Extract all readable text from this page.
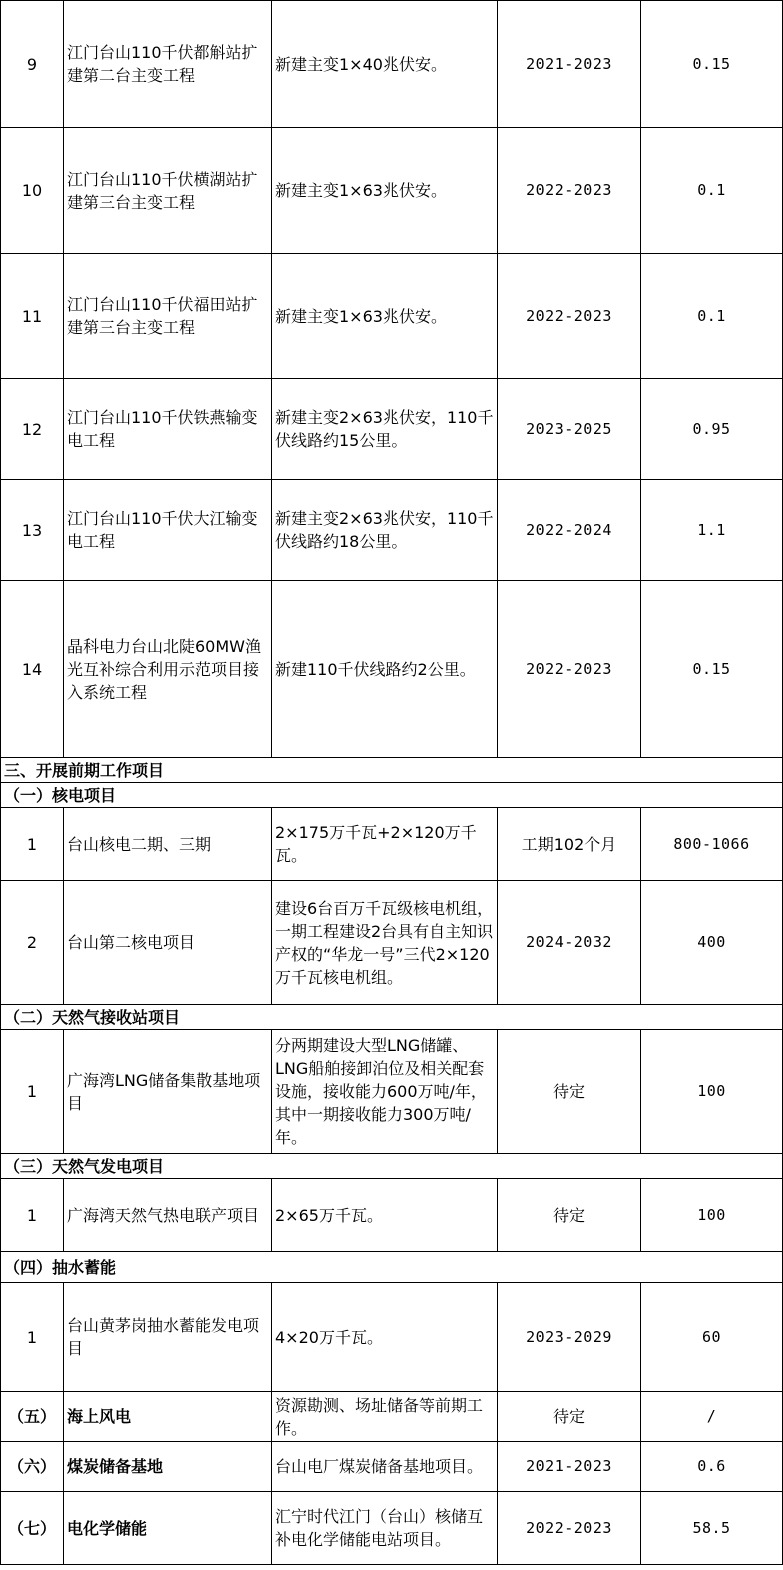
9	江门台山110千伏都斛站扩建第二台主变工程	新建主变1×40兆伏安。	2021-2023	0.15
10	江门台山110千伏横湖站扩建第三台主变工程	新建主变1×63兆伏安。	2022-2023	0.1
11	江门台山110千伏福田站扩建第三台主变工程	新建主变1×63兆伏安。	2022-2023	0.1
12	江门台山110千伏铁燕输变电工程	新建主变2×63兆伏安，110千伏线路约15公里。	2023-2025	0.95
13	江门台山110千伏大江输变电工程	新建主变2×63兆伏安，110千伏线路约18公里。	2022-2024	1.1
14	晶科电力台山北陡60MW渔光互补综合利用示范项目接入系统工程	新建110千伏线路约2公里。	2022-2023	0.15
三、开展前期工作项目				
（一）核电项目				
1	台山核电二期、三期	2×175万千瓦+2×120万千瓦。	工期102个月	800-1066
2	台山第二核电项目	建设6台百万千瓦级核电机组，一期工程建设2台具有自主知识产权的“华龙一号”三代2×120万千瓦核电机组。	2024-2032	400
（二）天然气接收站项目				
1	广海湾LNG储备集散基地项目	分两期建设大型LNG储罐、LNG船舶接卸泊位及相关配套设施，接收能力600万吨/年，其中一期接收能力300万吨/年。	待定	100
（三）天然气发电项目				
1	广海湾天然气热电联产项目	2×65万千瓦。	待定	100
（四）抽水蓄能				
1	台山黄茅岗抽水蓄能发电项目	4×20万千瓦。	2023-2029	60
（五）	海上风电	资源勘测、场址储备等前期工作。	待定	/
（六）	煤炭储备基地	台山电厂煤炭储备基地项目。	2021-2023	0.6
（七）	电化学储能	汇宁时代江门（台山）核储互补电化学储能电站项目。	2022-2023	58.5
